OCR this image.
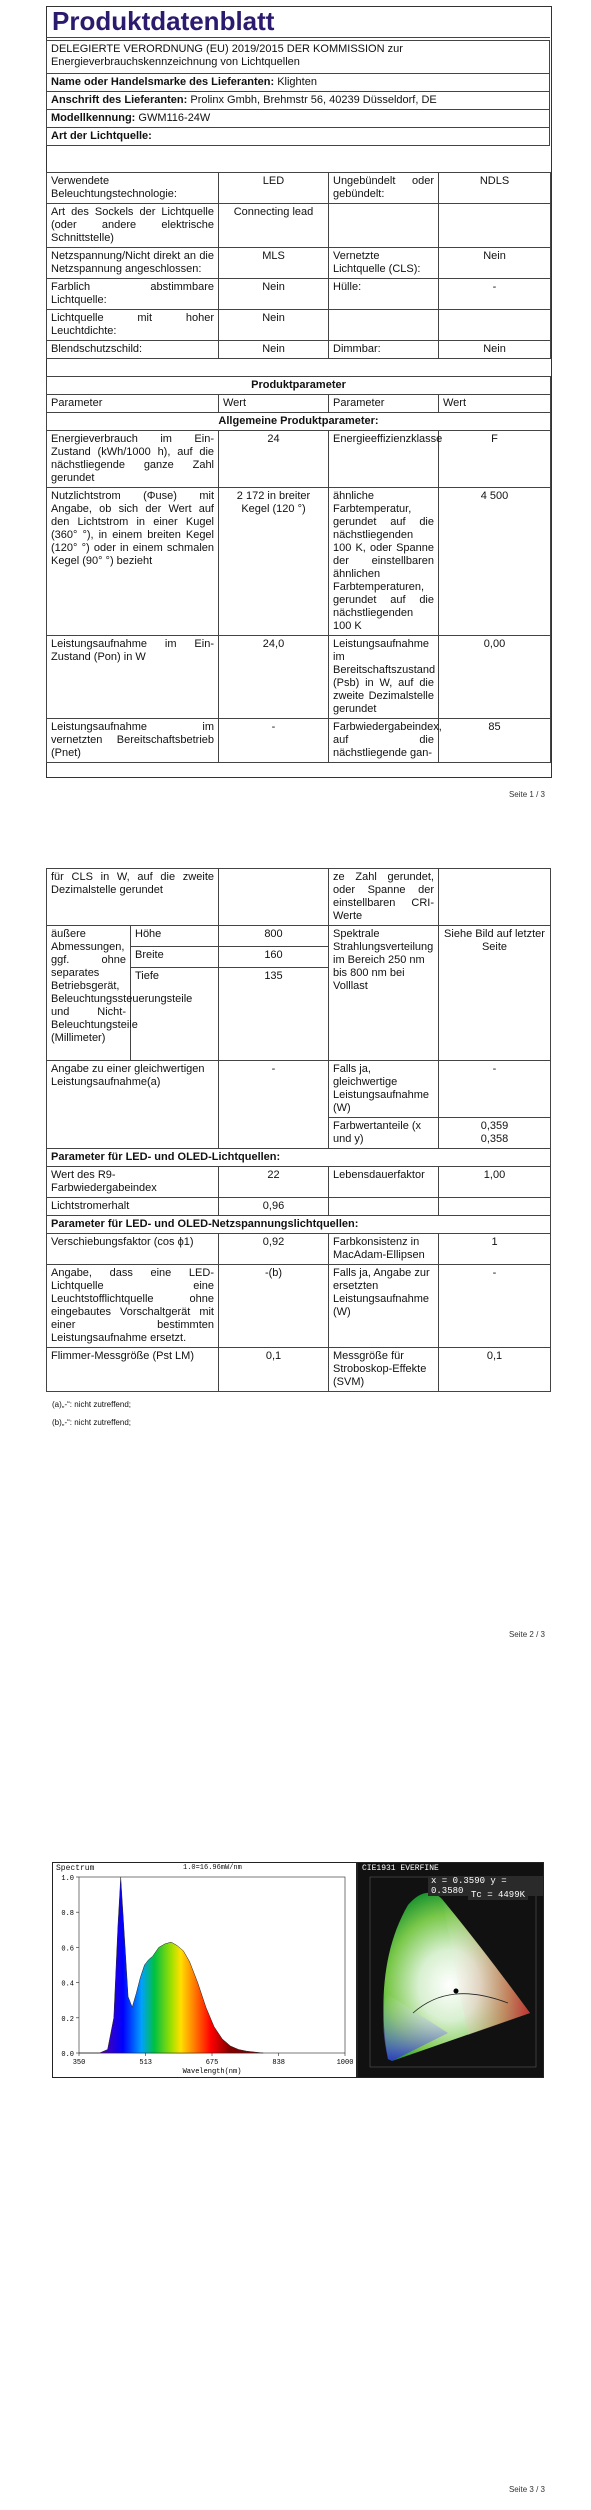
Produktdatenblatt
DELEGIERTE VERORDNUNG (EU) 2019/2015 DER KOMMISSION zur Energieverbrauchskennzeichnung von Lichtquellen
Name oder Handelsmarke des Lieferanten: Klighten
Anschrift des Lieferanten: Prolinx Gmbh, Brehmstr 56, 40239 Düsseldorf, DE
Modellkennung: GWM116-24W
Art der Lichtquelle:
Verwendete Beleuchtungstechnologie:	LED	Ungebündelt oder gebündelt:	NDLS
Art des Sockels der Lichtquelle (oder andere elektrische Schnittstelle)	Connecting lead		
Netzspannung/Nicht direkt an die Netzspannung angeschlossen:	MLS	Vernetzte Lichtquelle (CLS):	Nein
Farblich abstimmbare Lichtquelle:	Nein	Hülle:	-
Lichtquelle mit hoher Leuchtdichte:	Nein		
Blendschutzschild:	Nein	Dimmbar:	Nein
Produktparameter			
Parameter	Wert	Parameter	Wert
Allgemeine Produktparameter:			
Energieverbrauch im Ein-Zustand (kWh/1000 h), auf die nächstliegende ganze Zahl gerundet	24	Energieeffizienzklasse	F
Nutzlichtstrom (Φuse) mit Angabe, ob sich der Wert auf den Lichtstrom in einer Kugel (360° °), in einem breiten Kegel (120° °) oder in einem schmalen Kegel (90° °) bezieht	2 172 in breiter Kegel (120 °)	ähnliche Farbtemperatur, gerundet auf die nächstliegenden 100 K, oder Spanne der einstellbaren ähnlichen Farbtemperaturen, gerundet auf die nächstliegenden 100 K	4 500
Leistungsaufnahme im Ein-Zustand (Pon) in W	24,0	Leistungsaufnahme im Bereitschaftszustand (Psb) in W, auf die zweite Dezimalstelle gerundet	0,00
Leistungsaufnahme im vernetzten Bereitschaftsbetrieb (Pnet)	-	Farbwiedergabeindex, auf die nächstliegende gan-	85
Seite 1 / 3
für CLS in W, auf die zweite Dezimalstelle gerundet			ze Zahl gerundet, oder Spanne der einstellbaren CRI-Werte	
äußere Abmessungen, ggf. ohne separates Betriebsgerät, Beleuchtungssteuerungsteile und Nicht-Beleuchtungsteile (Millimeter)	Höhe	800	Spektrale Strahlungsverteilung im Bereich 250 nm bis 800 nm bei Volllast	Siehe Bild auf letzter Seite
	Breite	160		
	Tiefe	135		
Angabe zu einer gleichwertigen Leistungsaufnahme(a)		-	Falls ja, gleichwertige Leistungsaufnahme (W)	-
			Farbwertanteile (x und y)	0,359
0,358

Parameter für LED- und OLED-Lichtquellen:				
Wert des R9-Farbwiedergabeindex		22	Lebensdauerfaktor	1,00
Lichtstromerhalt		0,96		
Parameter für LED- und OLED-Netzspannungslichtquellen:				
Verschiebungsfaktor (cos ϕ1)		0,92	Farbkonsistenz in MacAdam-Ellipsen	1
Angabe, dass eine LED-Lichtquelle eine Leuchtstofflichtquelle ohne eingebautes Vorschaltgerät mit einer bestimmten Leistungsaufnahme ersetzt.		-(b)	Falls ja, Angabe zur ersetzten Leistungsaufnahme (W)	-
Flimmer-Messgröße (Pst LM)		0,1	Messgröße für Stroboskop-Effekte (SVM)	0,1
(a)„-“: nicht zutreffend;
(b)„-“: nicht zutreffend;
Seite 2 / 3
Spectrum	1.0=16.96mW/nm
0.0
0.2
0.4
0.6
0.8
1.0
350	513	675	838	1000
Wavelength(nm)
CIE1931 EVERFINE
x = 0.3590 y = 0.3580 Tc = 4499K
Seite 3 / 3
